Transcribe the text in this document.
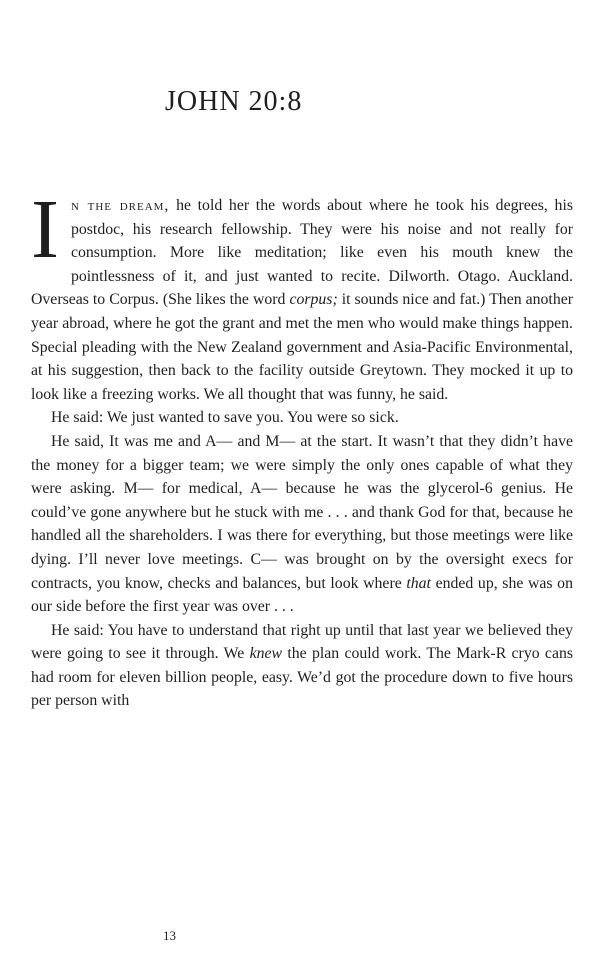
JOHN 20:8

In the dream, he told her the words about where he took his degrees, his postdoc, his research fellowship. They were his noise and not really for consumption. More like meditation; like even his mouth knew the pointlessness of it, and just wanted to recite. Dilworth. Otago. Auckland. Overseas to Corpus. (She likes the word corpus; it sounds nice and fat.) Then another year abroad, where he got the grant and met the men who would make things happen. Special pleading with the New Zealand government and Asia-Pacific Environmental, at his suggestion, then back to the facility outside Greytown. They mocked it up to look like a freezing works. We all thought that was funny, he said.

He said: We just wanted to save you. You were so sick.

He said, It was me and A— and M— at the start. It wasn’t that they didn’t have the money for a bigger team; we were simply the only ones capable of what they were asking. M— for medical, A— because he was the glycerol-6 genius. He could’ve gone anywhere but he stuck with me . . . and thank God for that, because he handled all the shareholders. I was there for everything, but those meetings were like dying. I’ll never love meetings. C— was brought on by the oversight execs for contracts, you know, checks and balances, but look where that ended up, she was on our side before the first year was over . . .

He said: You have to understand that right up until that last year we believed they were going to see it through. We knew the plan could work. The Mark-R cryo cans had room for eleven billion people, easy. We’d got the procedure down to five hours per person with

13
